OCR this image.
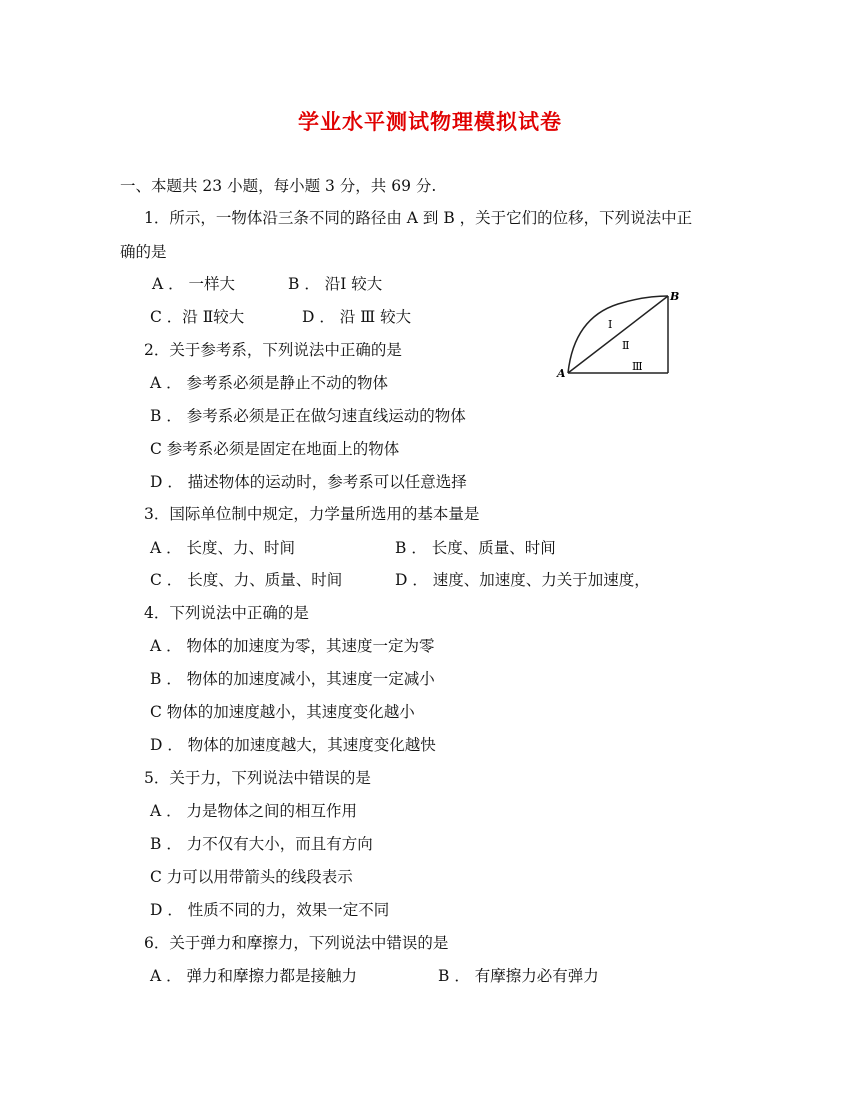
学业水平测试物理模拟试卷
一、本题共 23 小题，每小题 3 分，共 69 分.
1．所示，一物体沿三条不同的路径由 A 到 B ，关于它们的位移，下列说法中正
确的是
A ． 一样大	B ． 沿Ⅰ 较大
C ．沿 Ⅱ较大	D ． 沿 Ⅲ 较大
A
B
Ⅰ
Ⅱ
Ⅲ
2．关于参考系，下列说法中正确的是
A ． 参考系必须是静止不动的物体
B ． 参考系必须是正在做匀速直线运动的物体
C 参考系必须是固定在地面上的物体
D ． 描述物体的运动时，参考系可以任意选择
3．国际单位制中规定，力学量所选用的基本量是
A ． 长度、力、时间	B ． 长度、质量、时间
C ． 长度、力、质量、时间	D ． 速度、加速度、力关于加速度，
4．下列说法中正确的是
A ． 物体的加速度为零，其速度一定为零
B ． 物体的加速度减小，其速度一定减小
C 物体的加速度越小，其速度变化越小
D ． 物体的加速度越大，其速度变化越快
5．关于力，下列说法中错误的是
A ． 力是物体之间的相互作用
B ． 力不仅有大小，而且有方向
C 力可以用带箭头的线段表示
D ． 性质不同的力，效果一定不同
6．关于弹力和摩擦力，下列说法中错误的是
A ． 弹力和摩擦力都是接触力	B ． 有摩擦力必有弹力
